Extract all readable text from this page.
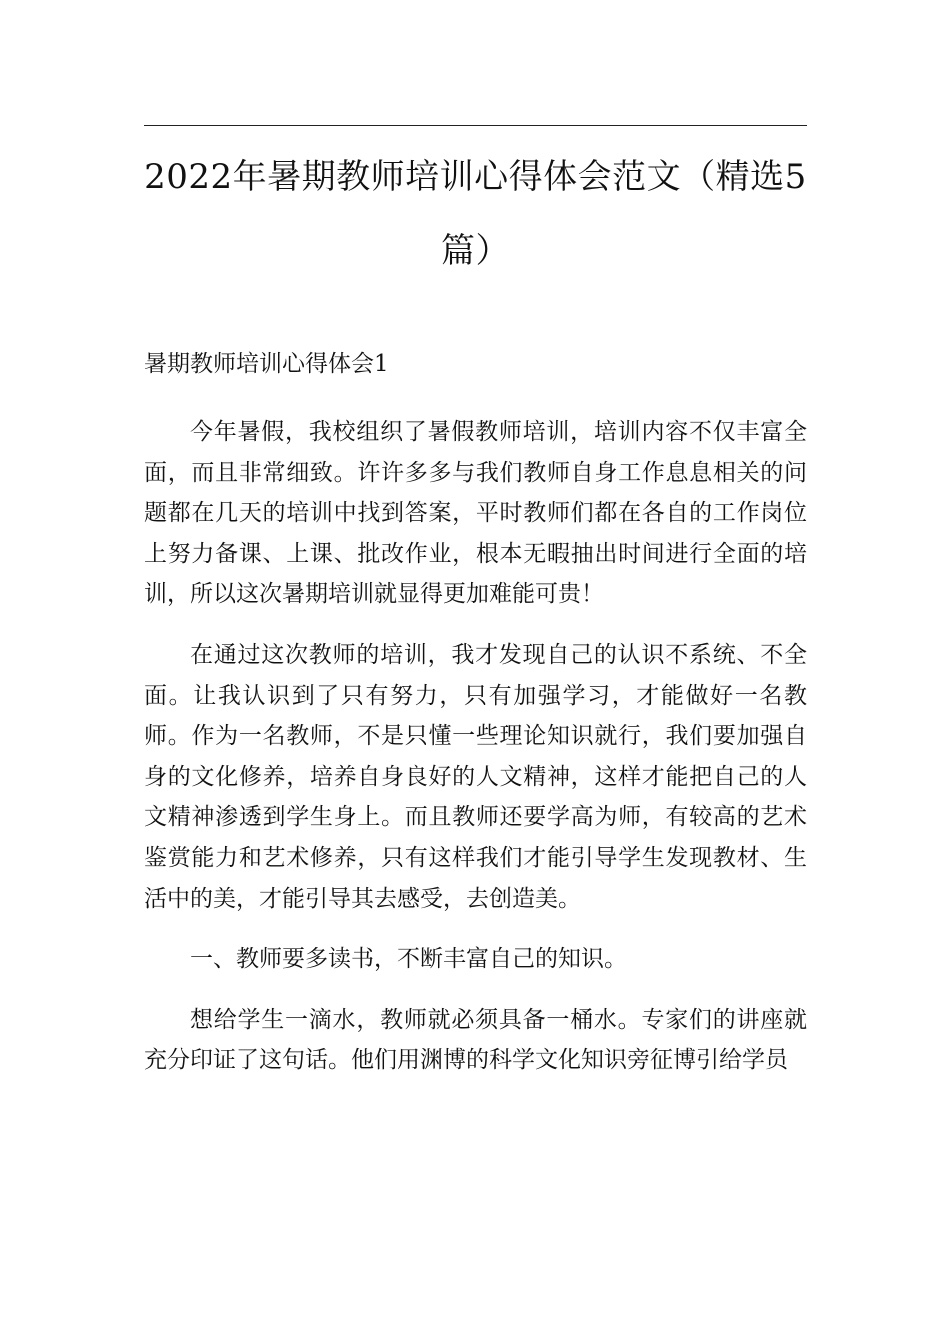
2022年暑期教师培训心得体会范文（精选5篇）
暑期教师培训心得体会1

今年暑假，我校组织了暑假教师培训，培训内容不仅丰富全面，而且非常细致。许许多多与我们教师自身工作息息相关的问题都在几天的培训中找到答案，平时教师们都在各自的工作岗位上努力备课、上课、批改作业，根本无暇抽出时间进行全面的培训，所以这次暑期培训就显得更加难能可贵！

在通过这次教师的培训，我才发现自己的认识不系统、不全面。让我认识到了只有努力，只有加强学习，才能做好一名教师。作为一名教师，不是只懂一些理论知识就行，我们要加强自身的文化修养，培养自身良好的人文精神，这样才能把自己的人文精神渗透到学生身上。而且教师还要学高为师，有较高的艺术鉴赏能力和艺术修养，只有这样我们才能引导学生发现教材、生活中的美，才能引导其去感受，去创造美。

一、教师要多读书，不断丰富自己的知识。

想给学生一滴水，教师就必须具备一桶水。专家们的讲座就充分印证了这句话。他们用渊博的科学文化知识旁征博引给学员
